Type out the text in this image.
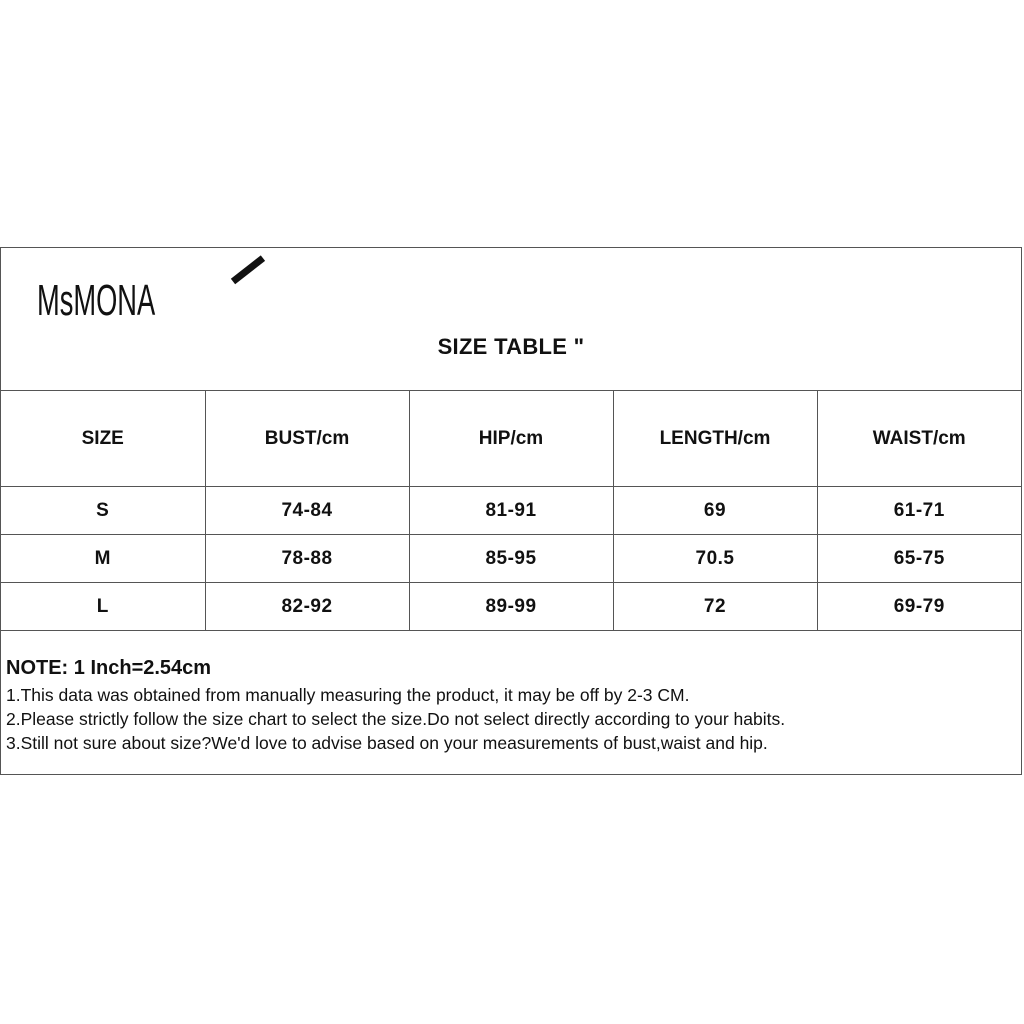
MsMONA
SIZE TABLE "
SIZE	BUST/cm	HIP/cm	LENGTH/cm	WAIST/cm
S	74-84	81-91	69	61-71
M	78-88	85-95	70.5	65-75
L	82-92	89-99	72	69-79

NOTE: 1 Inch=2.54cm

1.This data was obtained from manually measuring the product, it may be off by 2-3 CM.

2.Please strictly follow the size chart to select the size.Do not select directly according to your habits.

3.Still not sure about size?We'd love to advise based on your measurements of bust,waist and hip.
